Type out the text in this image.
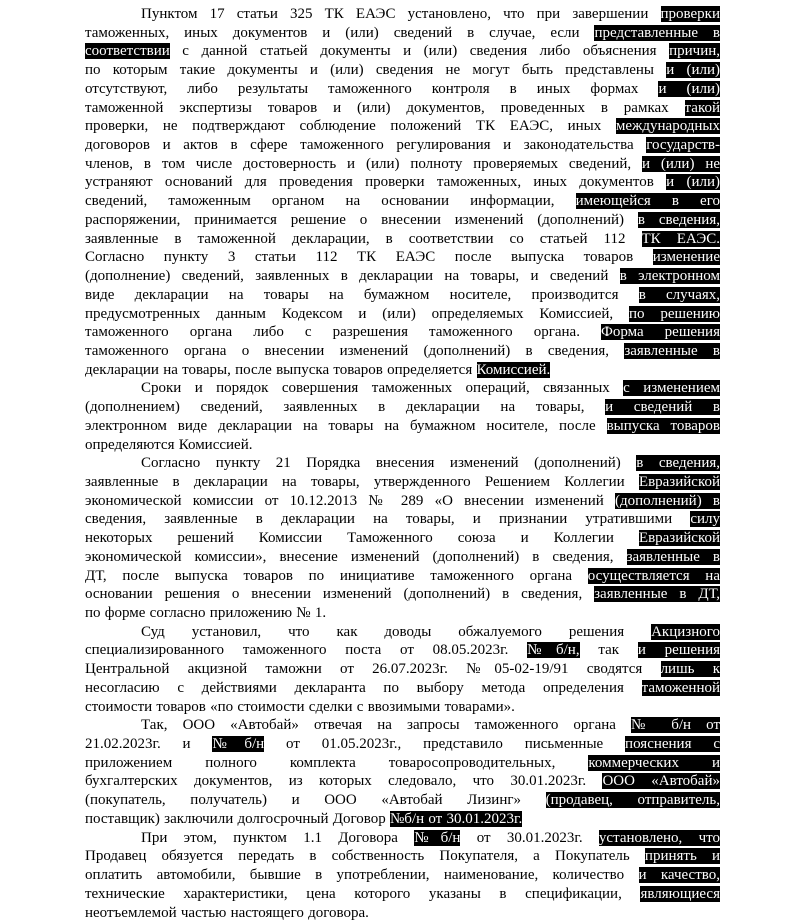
Пунктом 17 статьи 325 ТК ЕАЭС установлено, что при завершении проверки
таможенных, иных документов и (или) сведений в случае, если представленные в
соответствии с данной статьей документы и (или) сведения либо объяснения причин,
по которым такие документы и (или) сведения не могут быть представлены и (или)
отсутствуют, либо результаты таможенного контроля в иных формах и (или)
таможенной экспертизы товаров и (или) документов, проведенных в рамках такой
проверки, не подтверждают соблюдение положений ТК ЕАЭС, иных международных
договоров и актов в сфере таможенного регулирования и законодательства государств-
членов, в том числе достоверность и (или) полноту проверяемых сведений, и (или) не
устраняют оснований для проведения проверки таможенных, иных документов и (или)
сведений, таможенным органом на основании информации, имеющейся в его
распоряжении, принимается решение о внесении изменений (дополнений) в сведения,
заявленные в таможенной декларации, в соответствии со статьей 112 ТК ЕАЭС.
Согласно пункту 3 статьи 112 ТК ЕАЭС после выпуска товаров изменение
(дополнение) сведений, заявленных в декларации на товары, и сведений в электронном
виде декларации на товары на бумажном носителе, производится в случаях,
предусмотренных данным Кодексом и (или) определяемых Комиссией, по решению
таможенного органа либо с разрешения таможенного органа. Форма решения
таможенного органа о внесении изменений (дополнений) в сведения, заявленные в
декларации на товары, после выпуска товаров определяется Комиссией.
Сроки и порядок совершения таможенных операций, связанных с изменением
(дополнением) сведений, заявленных в декларации на товары, и сведений в
электронном виде декларации на товары на бумажном носителе, после выпуска товаров
определяются Комиссией.
Согласно пункту 21 Порядка внесения изменений (дополнений) в сведения,
заявленные в декларации на товары, утвержденного Решением Коллегии Евразийской
экономической комиссии от 10.12.2013 № 289 «О внесении изменений (дополнений) в
сведения, заявленные в декларации на товары, и признании утратившими силу
некоторых решений Комиссии Таможенного союза и Коллегии Евразийской
экономической комиссии», внесение изменений (дополнений) в сведения, заявленные в
ДТ, после выпуска товаров по инициативе таможенного органа осуществляется на
основании решения о внесении изменений (дополнений) в сведения, заявленные в ДТ,
по форме согласно приложению № 1.
Суд установил, что как доводы обжалуемого решения Акцизного
специализированного таможенного поста от 08.05.2023г. №б/н, так и решения
Центральной акцизной таможни от 26.07.2023г. №05-02-19/91 сводятся лишь к
несогласию с действиями декларанта по выбору метода определения таможенной
стоимости товаров «по стоимости сделки с ввозимыми товарами».
Так, ООО «Автобай» отвечая на запросы таможенного органа № б/н от
21.02.2023г. и №б/н от 01.05.2023г., представило письменные пояснения с
приложением полного комплекта товаросопроводительных, коммерческих и
бухгалтерских документов, из которых следовало, что 30.01.2023г. ООО «Автобай»
(покупатель, получатель) и ООО «Автобай Лизинг» (продавец, отправитель,
поставщик) заключили долгосрочный Договор №б/н от 30.01.2023г.
При этом, пунктом 1.1 Договора №б/н от 30.01.2023г. установлено, что
Продавец обязуется передать в собственность Покупателя, а Покупатель принять и
оплатить автомобили, бывшие в употреблении, наименование, количество и качество,
технические характеристики, цена которого указаны в спецификации, являющиеся
неотъемлемой частью настоящего договора.
